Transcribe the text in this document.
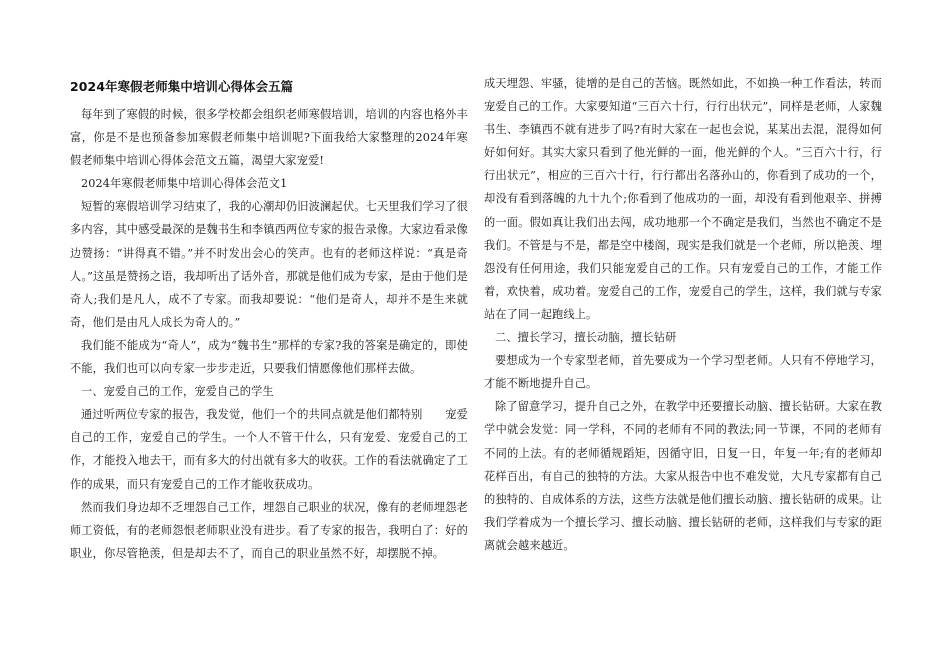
2024年寒假老师集中培训心得体会五篇

每年到了寒假的时候，很多学校都会组织老师寒假培训，培训的内容也格外丰富，你是不是也预备参加寒假老师集中培训呢?下面我给大家整理的2024年寒假老师集中培训心得体会范文五篇，渴望大家宠爱!

2024年寒假老师集中培训心得体会范文1

短暂的寒假培训学习结束了，我的心潮却仍旧波澜起伏。七天里我们学习了很多内容，其中感受最深的是魏书生和李镇西两位专家的报告录像。大家边看录像边赞扬：“讲得真不错。”并不时发出会心的笑声。也有的老师这样说：“真是奇人。”这虽是赞扬之语，我却听出了话外音，那就是他们成为专家，是由于他们是奇人;我们是凡人，成不了专家。而我却要说：“他们是奇人，却并不是生来就奇，他们是由凡人成长为奇人的。”

我们能不能成为“奇人”，成为“魏书生”那样的专家?我的答案是确定的，即使不能，我们也可以向专家一步步走近，只要我们情愿像他们那样去做。

一、宠爱自己的工作，宠爱自己的学生

通过听两位专家的报告，我发觉，他们一个的共同点就是他们都特别　　宠爱自己的工作，宠爱自己的学生。一个人不管干什么，只有宠爱、宠爱自己的工作，才能投入地去干，而有多大的付出就有多大的收获。工作的看法就确定了工作的成果，而只有宠爱自己的工作才能收获成功。

然而我们身边却不乏埋怨自己工作，埋怨自己职业的状况，像有的老师埋怨老师工资低，有的老师怨恨老师职业没有进步。看了专家的报告，我明白了：好的职业，你尽管艳羡，但是却去不了，而自己的职业虽然不好，却摆脱不掉。

成天埋怨、牢骚，徒增的是自己的苦恼。既然如此，不如换一种工作看法，转而宠爱自己的工作。大家要知道“三百六十行，行行出状元”，同样是老师，人家魏书生、李镇西不就有进步了吗?有时大家在一起也会说，某某出去混，混得如何好如何好。其实大家只看到了他光鲜的一面，他光鲜的个人。“三百六十行，行行出状元”，相应的三百六十行，行行都出名落孙山的，你看到了成功的一个，却没有看到落魄的九十九个;你看到了他成功的一面，却没有看到他艰辛、拼搏的一面。假如真让我们出去闯，成功地那一个不确定是我们，当然也不确定不是我们。不管是与不是，都是空中楼阁，现实是我们就是一个老师，所以艳羡、埋怨没有任何用途，我们只能宠爱自己的工作。只有宠爱自己的工作，才能工作着，欢快着，成功着。宠爱自己的工作，宠爱自己的学生，这样，我们就与专家站在了同一起跑线上。

二、擅长学习，擅长动脑，擅长钻研

要想成为一个专家型老师，首先要成为一个学习型老师。人只有不停地学习，才能不断地提升自己。

除了留意学习，提升自己之外，在教学中还要擅长动脑、擅长钻研。大家在教学中就会发觉：同一学科，不同的老师有不同的教法;同一节课，不同的老师有不同的上法。有的老师循规蹈矩，因循守旧，日复一日，年复一年;有的老师却花样百出，有自己的独特的方法。大家从报告中也不难发觉，大凡专家都有自己的独特的、自成体系的方法，这些方法就是他们擅长动脑、擅长钻研的成果。让我们学着成为一个擅长学习、擅长动脑、擅长钻研的老师，这样我们与专家的距离就会越来越近。
